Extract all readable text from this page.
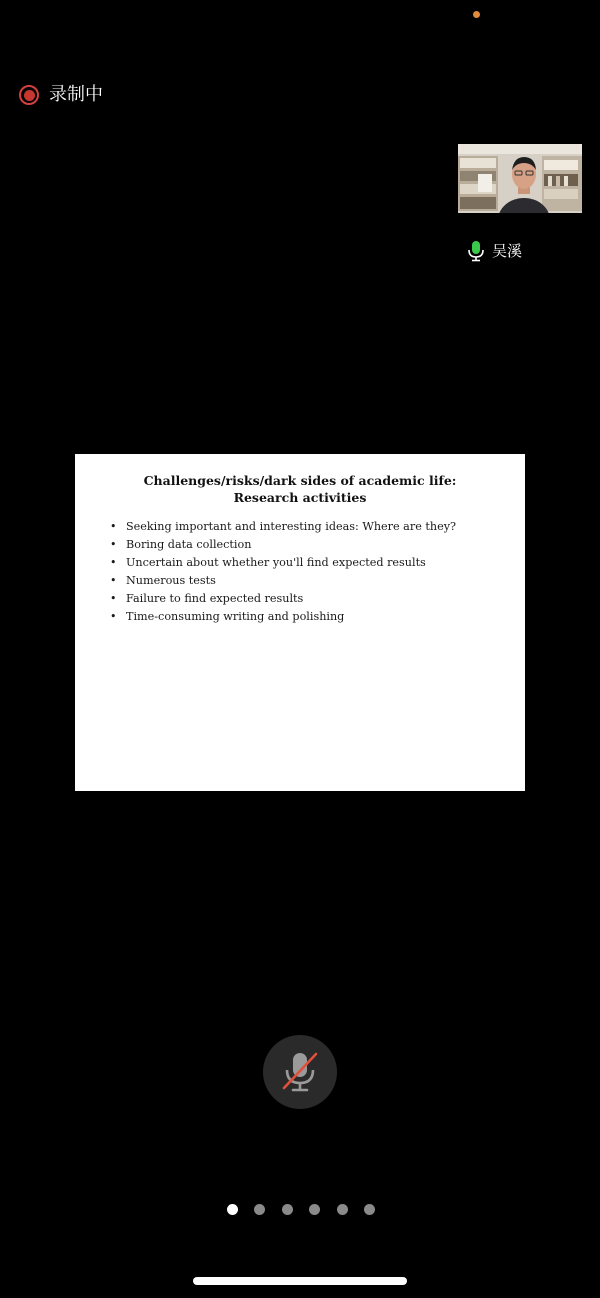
录制中
吴溪
Challenges/risks/dark sides of academic life:
Research activities
• Seeking important and interesting ideas: Where are they?
• Boring data collection
• Uncertain about whether you'll find expected results
• Numerous tests
• Failure to find expected results
• Time-consuming writing and polishing
